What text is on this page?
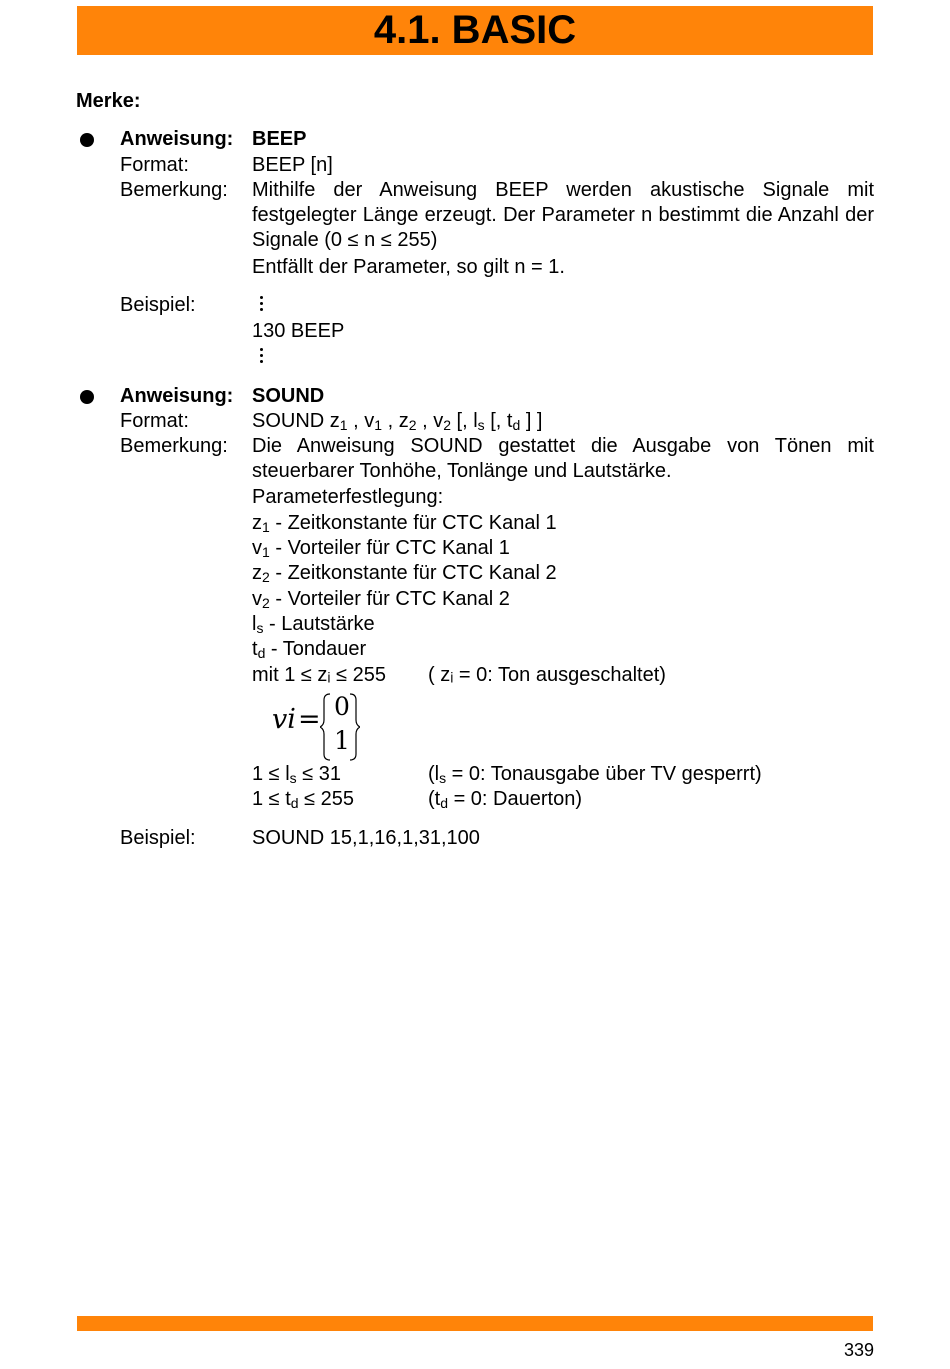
4.1. BASIC
Merke:
Anweisung: BEEP
Format:	BEEP [n]
Bemerkung: Mithilfe der Anweisung BEEP werden akustische Signale mit festgelegter Länge erzeugt. Der Parameter n bestimmt die Anzahl der Signale (0 ≤ n ≤ 255)
Entfällt der Parameter, so gilt n = 1.
Beispiel:
130 BEEP
Anweisung: SOUND
Format:	SOUND $z_1$ , $v_1$ , $z_2$ , $v_2$ [, $l_s$ [, $t_d$ ] ]
Bemerkung: Die Anweisung SOUND gestattet die Ausgabe von Tönen mit steuerbarer Tonhöhe, Tonlänge und Lautstärke.
Parameterfestlegung:
$z_1$ - Zeitkonstante für CTC Kanal 1
$v_1$ - Vorteiler für CTC Kanal 1
$z_2$ - Zeitkonstante für CTC Kanal 2
$v_2$ - Vorteiler für CTC Kanal 2
$l_s$ - Lautstärke
$t_d$ - Tondauer
mit 1 ≤ zᵢ ≤ 255 ( zᵢ = 0: Ton ausgeschaltet)
vi = 0
1
$1 \le l_s \le 31$	($l_s = 0$: Tonausgabe über TV gesperrt)
$1 \le t_d \le 255$	($t_d = 0$: Dauerton)
Beispiel:	SOUND 15,1,16,1,31,100
339
